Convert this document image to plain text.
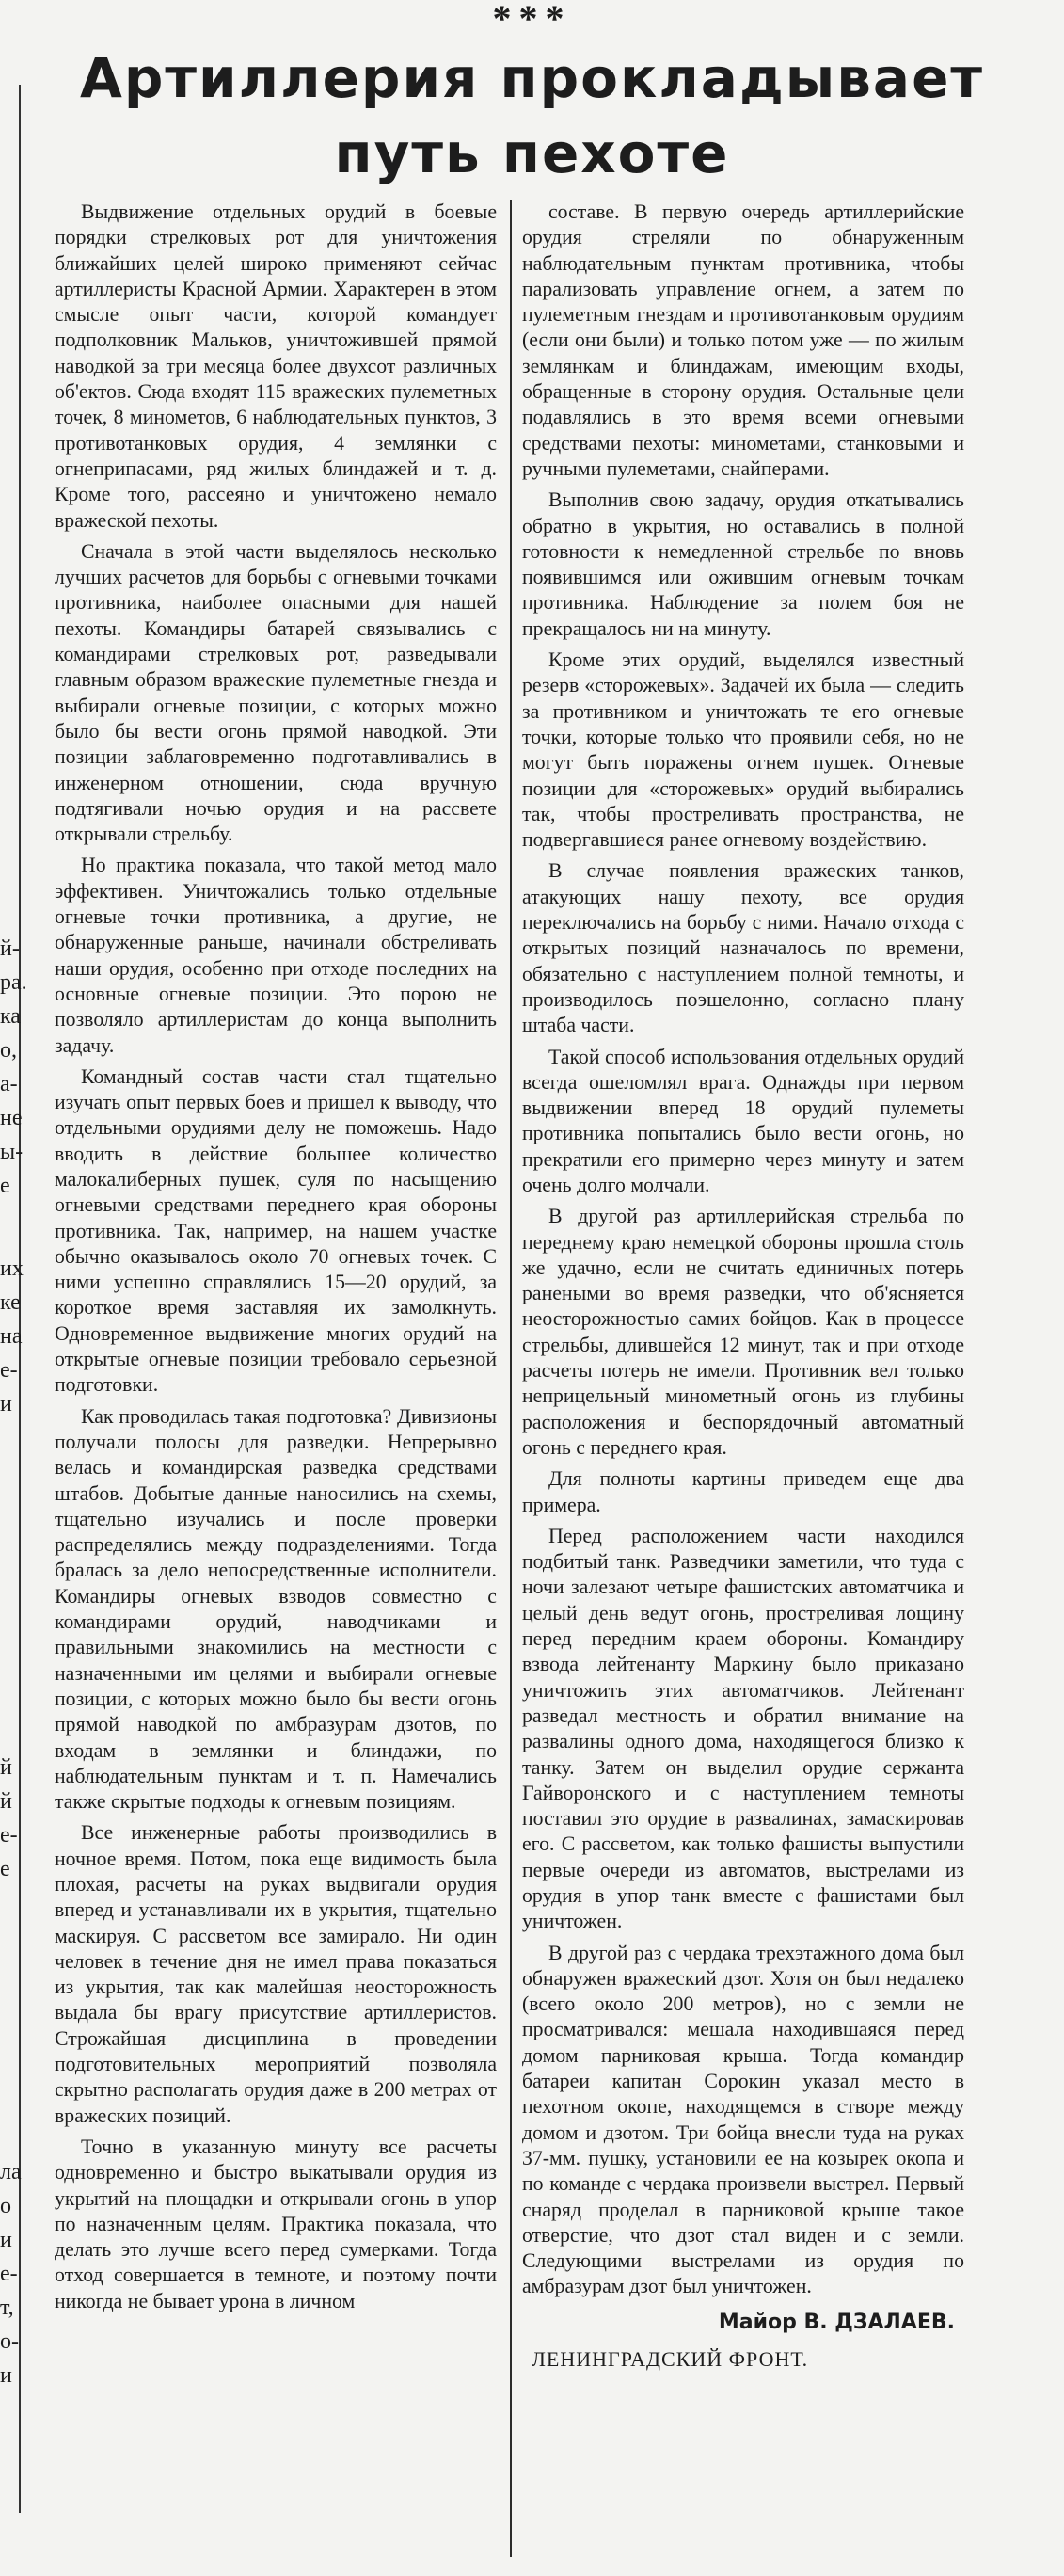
***
Артиллерия прокладывает
путь пехоте
й-
ра.
ка
о,
а-
не
ы-
е
их
ке
на
е-
и
й
й
е-
е
ла
о
и
е-
т,
о-
и

Выдвижение отдельных орудий в боевые порядки стрелковых рот для уничтожения ближайших целей широко применяют сейчас артиллеристы Красной Армии. Характерен в этом смысле опыт части, которой командует подполковник Мальков, уничтожившей прямой наводкой за три месяца более двухсот различных об'ектов. Сюда входят 115 вражеских пулеметных точек, 8 минометов, 6 наблюдательных пунктов, 3 противотанковых орудия, 4 землянки с огнеприпасами, ряд жилых блиндажей и т. д. Кроме того, рассеяно и уничтожено немало вражеской пехоты.

Сначала в этой части выделялось несколько лучших расчетов для борьбы с огневыми точками противника, наиболее опасными для нашей пехоты. Командиры батарей связывались с командирами стрелковых рот, разведывали главным образом вражеские пулеметные гнезда и выбирали огневые позиции, с которых можно было бы вести огонь прямой наводкой. Эти позиции заблаговременно подготавливались в инженерном отношении, сюда вручную подтягивали ночью орудия и на рассвете открывали стрельбу.

Но практика показала, что такой метод мало эффективен. Уничтожались только отдельные огневые точки противника, а другие, не обнаруженные раньше, начинали обстреливать наши орудия, особенно при отходе последних на основные огневые позиции. Это порою не позволяло артиллеристам до конца выполнить задачу.

Командный состав части стал тщательно изучать опыт первых боев и пришел к выводу, что отдельными орудиями делу не поможешь. Надо вводить в действие большее количество малокалиберных пушек, суля по насыщению огневыми средствами переднего края обороны противника. Так, например, на нашем участке обычно оказывалось около 70 огневых точек. С ними успешно справлялись 15—20 орудий, за короткое время заставляя их замолкнуть. Одновременное выдвижение многих орудий на открытые огневые позиции требовало серьезной подготовки.

Как проводилась такая подготовка? Дивизионы получали полосы для разведки. Непрерывно велась и командирская разведка средствами штабов. Добытые данные наносились на схемы, тщательно изучались и после проверки распределялись между подразделениями. Тогда бралась за дело непосредственные исполнители. Командиры огневых взводов совместно с командирами орудий, наводчиками и правильными знакомились на местности с назначенными им целями и выбирали огневые позиции, с которых можно было бы вести огонь прямой наводкой по амбразурам дзотов, по входам в землянки и блиндажи, по наблюдательным пунктам и т. п. Намечались также скрытые подходы к огневым позициям.

Все инженерные работы производились в ночное время. Потом, пока еще видимость была плохая, расчеты на руках выдвигали орудия вперед и устанавливали их в укрытия, тщательно маскируя. С рассветом все замирало. Ни один человек в течение дня не имел права показаться из укрытия, так как малейшая неосторожность выдала бы врагу присутствие артиллеристов. Строжайшая дисциплина в проведении подготовительных мероприятий позволяла скрытно располагать орудия даже в 200 метрах от вражеских позиций.

Точно в указанную минуту все расчеты одновременно и быстро выкатывали орудия из укрытий на площадки и открывали огонь в упор по назначенным целям. Практика показала, что делать это лучше всего перед сумерками. Тогда отход совершается в темноте, и поэтому почти никогда не бывает урона в личном

составе. В первую очередь артиллерийские орудия стреляли по обнаруженным наблюдательным пунктам противника, чтобы парализовать управление огнем, а затем по пулеметным гнездам и противотанковым орудиям (если они были) и только потом уже — по жилым землянкам и блиндажам, имеющим входы, обращенные в сторону орудия. Остальные цели подавлялись в это время всеми огневыми средствами пехоты: минометами, станковыми и ручными пулеметами, снайперами.

Выполнив свою задачу, орудия откатывались обратно в укрытия, но оставались в полной готовности к немедленной стрельбе по вновь появившимся или ожившим огневым точкам противника. Наблюдение за полем боя не прекращалось ни на минуту.

Кроме этих орудий, выделялся известный резерв «сторожевых». Задачей их была — следить за противником и уничтожать те его огневые точки, которые только что проявили себя, но не могут быть поражены огнем пушек. Огневые позиции для «сторожевых» орудий выбирались так, чтобы простреливать пространства, не подвергавшиеся ранее огневому воздействию.

В случае появления вражеских танков, атакующих нашу пехоту, все орудия переключались на борьбу с ними. Начало отхода с открытых позиций назначалось по времени, обязательно с наступлением полной темноты, и производилось поэшелонно, согласно плану штаба части.

Такой способ использования отдельных орудий всегда ошеломлял врага. Однажды при первом выдвижении вперед 18 орудий пулеметы противника попытались было вести огонь, но прекратили его примерно через минуту и затем очень долго молчали.

В другой раз артиллерийская стрельба по переднему краю немецкой обороны прошла столь же удачно, если не считать единичных потерь ранеными во время разведки, что об'ясняется неосторожностью самих бойцов. Как в процессе стрельбы, длившейся 12 минут, так и при отходе расчеты потерь не имели. Противник вел только неприцельный минометный огонь из глубины расположения и беспорядочный автоматный огонь с переднего края.

Для полноты картины приведем еще два примера.

Перед расположением части находился подбитый танк. Разведчики заметили, что туда с ночи залезают четыре фашистских автоматчика и целый день ведут огонь, простреливая лощину перед передним краем обороны. Командиру взвода лейтенанту Маркину было приказано уничтожить этих автоматчиков. Лейтенант разведал местность и обратил внимание на развалины одного дома, находящегося близко к танку. Затем он выделил орудие сержанта Гайворонского и с наступлением темноты поставил это орудие в развалинах, замаскировав его. С рассветом, как только фашисты выпустили первые очереди из автоматов, выстрелами из орудия в упор танк вместе с фашистами был уничтожен.

В другой раз с чердака трехэтажного дома был обнаружен вражеский дзот. Хотя он был недалеко (всего около 200 метров), но с земли не просматривался: мешала находившаяся перед домом парниковая крыша. Тогда командир батареи капитан Сорокин указал место в пехотном окопе, находящемся в створе между домом и дзотом. Три бойца внесли туда на руках 37-мм. пушку, установили ее на козырек окопа и по команде с чердака произвели выстрел. Первый снаряд проделал в парниковой крыше такое отверстие, что дзот стал виден и с земли. Следующими выстрелами из орудия по амбразурам дзот был уничтожен.

Майор В. ДЗАЛАЕВ.
ЛЕНИНГРАДСКИЙ ФРОНТ.
